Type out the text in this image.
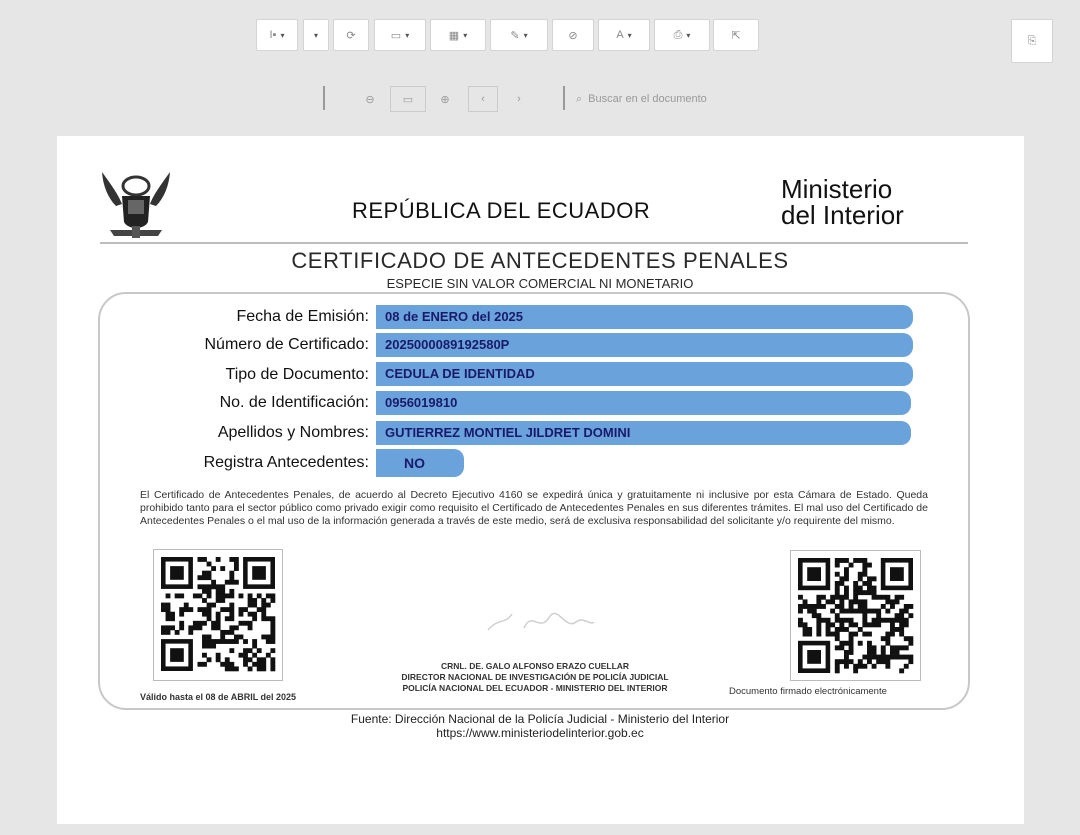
I▪ ▾	▾	⟳	▭ ▾	▦ ▾	✎ ▾	⊘	A ▾	⎙ ▾	⇱	⎘
⊖	▭ ⊕	‹	›	⌕ Buscar en el documento
REPÚBLICA DEL ECUADOR
Ministerio
del Interior
CERTIFICADO DE ANTECEDENTES PENALES
ESPECIE SIN VALOR COMERCIAL NI MONETARIO
Fecha de Emisión:	08 de ENERO del 2025
Número de Certificado:	2025000089192580P
Tipo de Documento:	CEDULA DE IDENTIDAD
No. de Identificación:	0956019810
Apellidos y Nombres:	GUTIERREZ MONTIEL JILDRET DOMINI
Registra Antecedentes:	NO
El Certificado de Antecedentes Penales, de acuerdo al Decreto Ejecutivo 4160 se expedirá única y gratuitamente ni inclusive por esta Cámara de Estado. Queda prohibido tanto para el sector público como privado exigir como requisito el Certificado de Antecedentes Penales en sus diferentes trámites. El mal uso del Certificado de Antecedentes Penales o el mal uso de la información generada a través de este medio, será de exclusiva responsabilidad del solicitante y/o requirente del mismo.
CRNL. DE. GALO ALFONSO ERAZO CUELLAR
DIRECTOR NACIONAL DE INVESTIGACIÓN DE POLICÍA JUDICIAL
POLICÍA NACIONAL DEL ECUADOR - MINISTERIO DEL INTERIOR
Válido hasta el 08 de ABRIL del 2025	Documento firmado electrónicamente
Fuente: Dirección Nacional de la Policía Judicial - Ministerio del Interior
https://www.ministeriodelinterior.gob.ec
